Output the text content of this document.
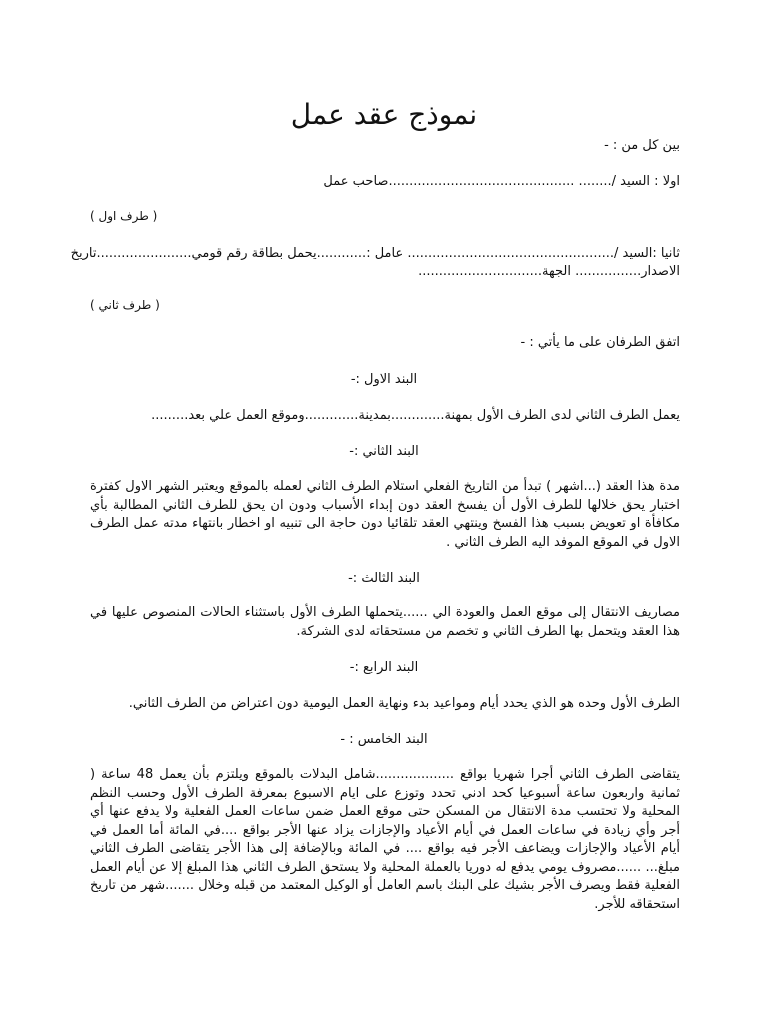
نموذج عقد عمل

بين كل من : -

اولا : السيد /........ .............................................صاحب عمل

( طرف اول )

ثانيا :السيد /.................................................. عامل :............يحمل بطاقة رقم قومي.......................تاريخ

الاصدار................ الجهة..............................

( طرف ثاني )

اتفق الطرفان على ما يأتي : -

البند الاول :-

يعمل الطرف الثاني لدى الطرف الأول بمهنة.............بمدينة.............وموقع العمل علي بعد.........

البند الثاني :-

مدة هذا العقد (...اشهر ) تبدأ من التاريخ الفعلي استلام الطرف الثاني لعمله بالموقع ويعتبر الشهر الاول كفترة اختبار يحق خلالها للطرف الأول أن يفسخ العقد دون إبداء الأسباب ودون ان يحق للطرف الثاني المطالبة بأي مكافأة او تعويض بسبب هذا الفسخ وينتهي العقد تلقائيا دون حاجة الى تنبيه او اخطار بانتهاء مدته عمل الطرف الاول في الموقع الموفد اليه الطرف الثاني .

البند الثالث :-

مصاريف الانتقال إلى موقع العمل والعودة الي ......يتحملها الطرف الأول باستثناء الحالات المنصوص عليها في هذا العقد ويتحمل بها الطرف الثاني و تخصم من مستحقاته لدى الشركة.

البند الرابع :-

الطرف الأول وحده هو الذي يحدد أيام ومواعيد بدء ونهاية العمل اليومية دون اعتراض من الطرف الثاني.

البند الخامس : -

يتقاضى الطرف الثاني أجرا شهريا بواقع ...................شامل البدلات بالموقع ويلتزم بأن يعمل 48 ساعة ( ثمانية واربعون ساعة أسبوعيا كحد ادني تحدد وتوزع على ايام الاسبوع بمعرفة الطرف الأول وحسب النظم المحلية ولا تحتسب مدة الانتقال من المسكن حتى موقع العمل ضمن ساعات العمل الفعلية ولا يدفع عنها أي أجر وأي زيادة في ساعات العمل في أيام الأعياد والإجازات يزاد عنها الأجر بواقع ....في المائة أما العمل في أيام الأعياد والإجازات ويضاعف الأجر فيه بواقع .... في المائة وبالإضافة إلى هذا الأجر يتقاضى الطرف الثاني مبلغ... ......مصروف يومي يدفع له دوريا بالعملة المحلية ولا يستحق الطرف الثاني هذا المبلغ إلا عن أيام العمل الفعلية فقط ويصرف الأجر بشيك على البنك باسم العامل أو الوكيل المعتمد من قبله وخلال .......شهر من تاريخ استحقاقه للأجر.
